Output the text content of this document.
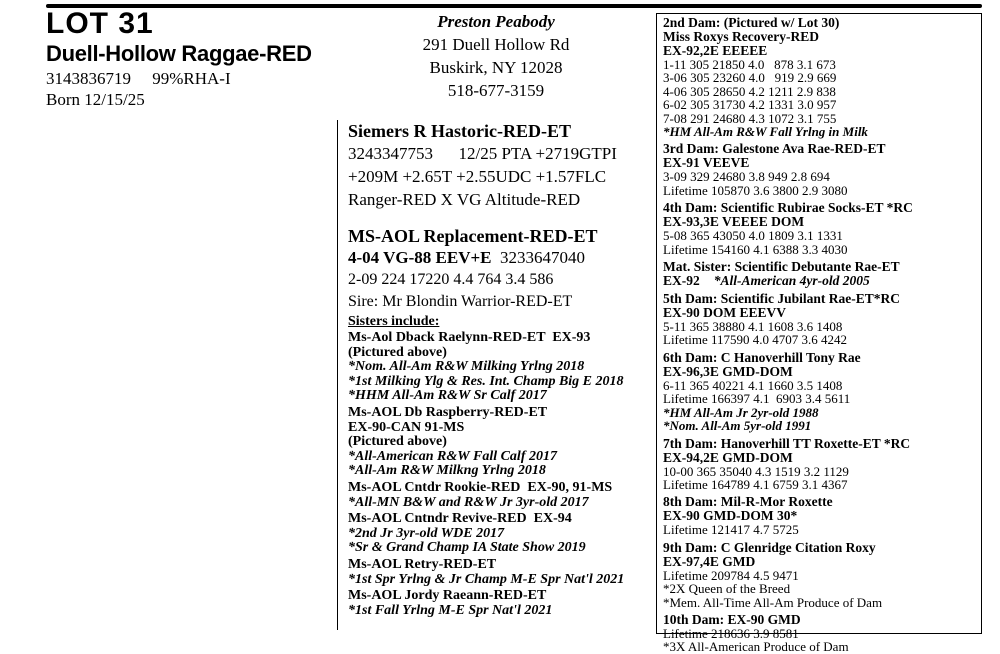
LOT 31
Duell-Hollow Raggae-RED
3143836719     99%RHA-I
Born 12/15/25
Preston Peabody
291 Duell Hollow Rd
Buskirk, NY 12028
518-677-3159
Siemers R Hastoric-RED-ET
3243347753      12/25 PTA +2719GTPI
+209M +2.65T +2.55UDC +1.57FLC
Ranger-RED X VG Altitude-RED
MS-AOL Replacement-RED-ET
4-04 VG-88 EEV+E 3233647040
2-09 224 17220 4.4 764 3.4 586
Sire: Mr Blondin Warrior-RED-ET
Sisters include:
Ms-Aol Dback Raelynn-RED-ET  EX-93
(Pictured above)
*Nom. All-Am R&W Milking Yrlng 2018
*1st Milking Ylg & Res. Int. Champ Big E 2018
*HHM All-Am R&W Sr Calf 2017
Ms-AOL Db Raspberry-RED-ET
EX-90-CAN 91-MS
(Pictured above)
*All-American R&W Fall Calf 2017
*All-Am R&W Milkng Yrlng 2018
Ms-AOL Cntdr Rookie-RED  EX-90, 91-MS
*All-MN B&W and R&W Jr 3yr-old 2017
Ms-AOL Cntndr Revive-RED  EX-94
*2nd Jr 3yr-old WDE 2017
*Sr & Grand Champ IA State Show 2019
Ms-AOL Retry-RED-ET
*1st Spr Yrlng & Jr Champ M-E Spr Nat'l 2021
Ms-AOL Jordy Raeann-RED-ET
*1st Fall Yrlng M-E Spr Nat'l 2021
2nd Dam: (Pictured w/ Lot 30)
Miss Roxys Recovery-RED
EX-92,2E EEEEE
1-11 305 21850 4.0   878 3.1 673
3-06 305 23260 4.0   919 2.9 669
4-06 305 28650 4.2 1211 2.9 838
6-02 305 31730 4.2 1331 3.0 957
7-08 291 24680 4.3 1072 3.1 755
*HM All-Am R&W Fall Yrlng in Milk
3rd Dam: Galestone Ava Rae-RED-ET
EX-91 VEEVE
3-09 329 24680 3.8 949 2.8 694
Lifetime 105870 3.6 3800 2.9 3080
4th Dam: Scientific Rubirae Socks-ET *RC
EX-93,3E VEEEE DOM
5-08 365 43050 4.0 1809 3.1 1331
Lifetime 154160 4.1 6388 3.3 4030
Mat. Sister: Scientific Debutante Rae-ET
EX-92 *All-American 4yr-old 2005
5th Dam: Scientific Jubilant Rae-ET*RC
EX-90 DOM EEEVV
5-11 365 38880 4.1 1608 3.6 1408
Lifetime 117590 4.0 4707 3.6 4242
6th Dam: C Hanoverhill Tony Rae
EX-96,3E GMD-DOM
6-11 365 40221 4.1 1660 3.5 1408
Lifetime 166397 4.1  6903 3.4 5611
*HM All-Am Jr 2yr-old 1988
*Nom. All-Am 5yr-old 1991
7th Dam: Hanoverhill TT Roxette-ET *RC
EX-94,2E GMD-DOM
10-00 365 35040 4.3 1519 3.2 1129
Lifetime 164789 4.1 6759 3.1 4367
8th Dam: Mil-R-Mor Roxette
EX-90 GMD-DOM 30*
Lifetime 121417 4.7 5725
9th Dam: C Glenridge Citation Roxy
EX-97,4E GMD
Lifetime 209784 4.5 9471
*2X Queen of the Breed
*Mem. All-Time All-Am Produce of Dam
10th Dam: EX-90 GMD
Lifetime 218636 3.9 8581
*3X All-American Produce of Dam
